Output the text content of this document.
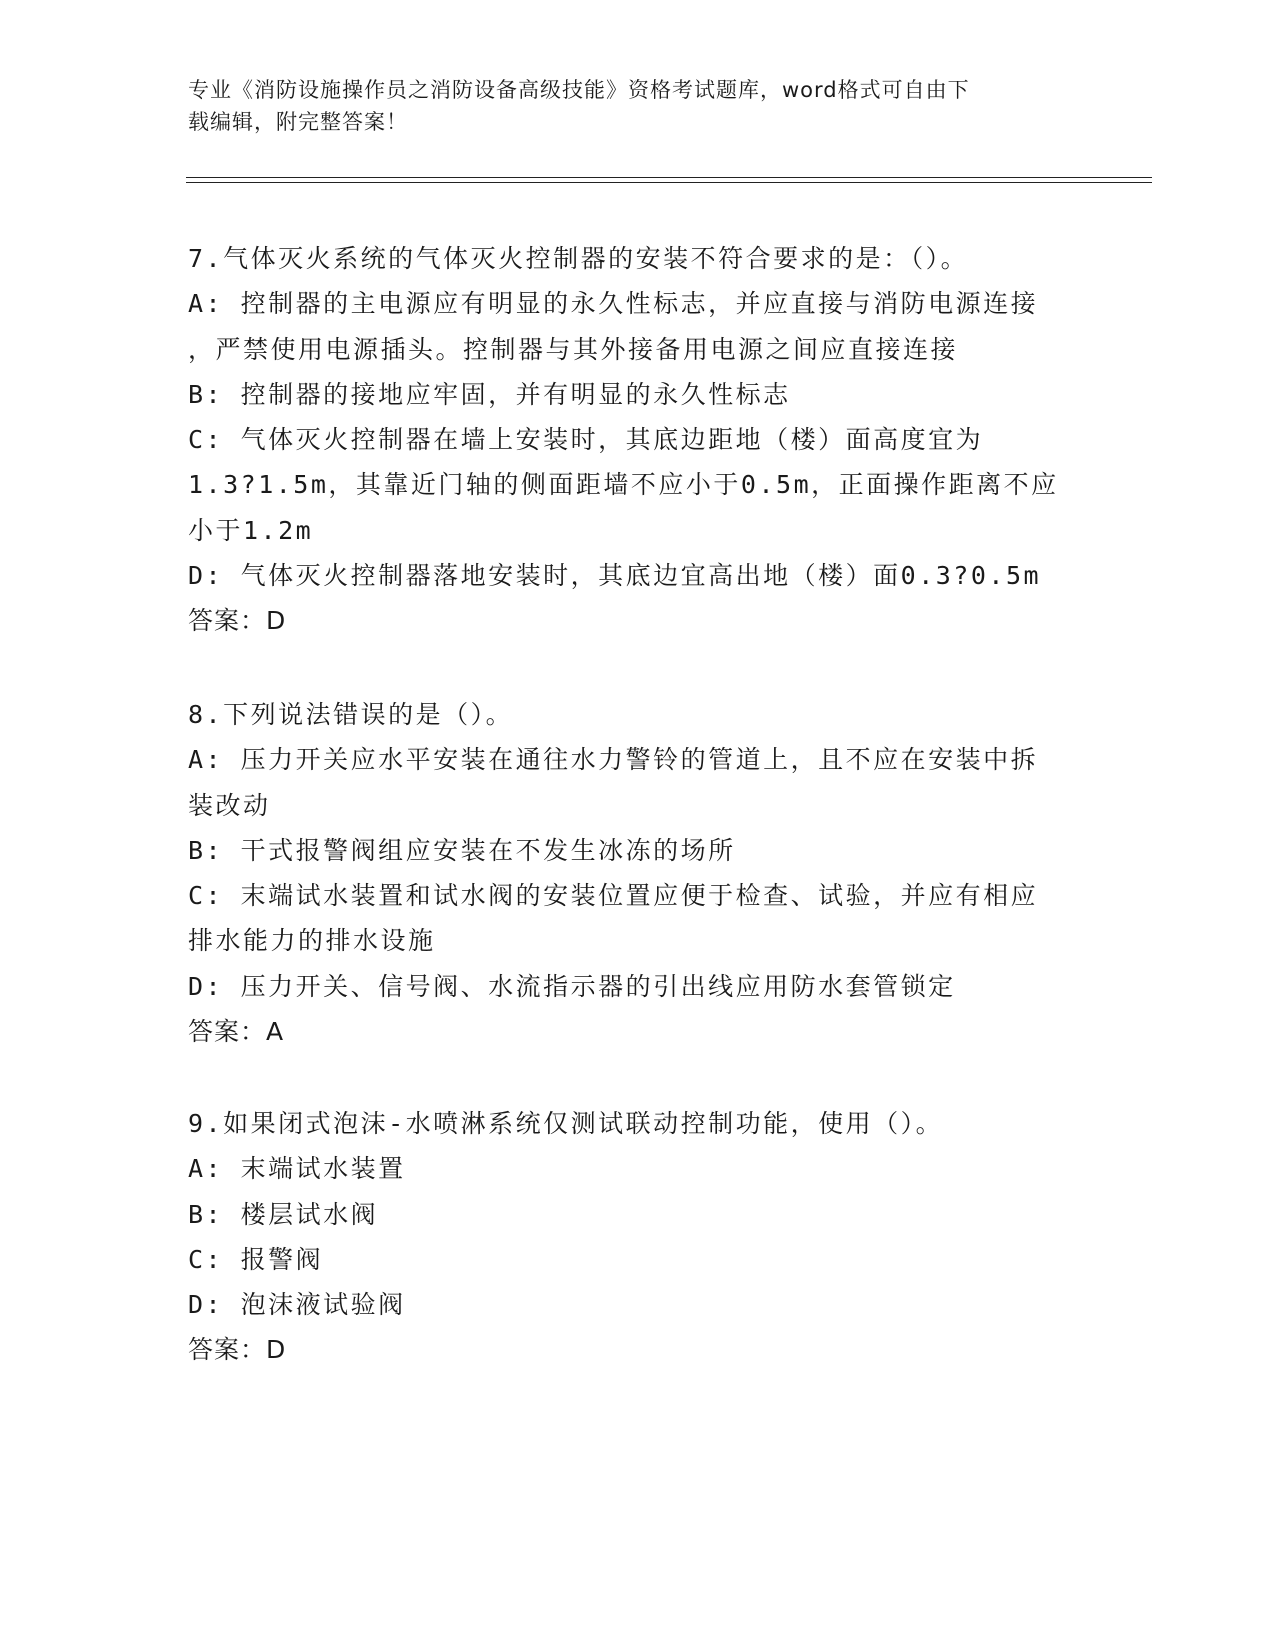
专业《消防设施操作员之消防设备高级技能》资格考试题库，word格式可自由下
载编辑，附完整答案！
7.气体灭火系统的气体灭火控制器的安装不符合要求的是：（）。
A: 控制器的主电源应有明显的永久性标志，并应直接与消防电源连接
，严禁使用电源插头。控制器与其外接备用电源之间应直接连接
B: 控制器的接地应牢固，并有明显的永久性标志
C: 气体灭火控制器在墙上安装时，其底边距地（楼）面高度宜为
1.3?1.5m，其靠近门轴的侧面距墙不应小于0.5m，正面操作距离不应
小于1.2m
D: 气体灭火控制器落地安装时，其底边宜高出地（楼）面0.3?0.5m
答案：D
8.下列说法错误的是（）。
A: 压力开关应水平安装在通往水力警铃的管道上，且不应在安装中拆
装改动
B: 干式报警阀组应安装在不发生冰冻的场所
C: 末端试水装置和试水阀的安装位置应便于检查、试验，并应有相应
排水能力的排水设施
D: 压力开关、信号阀、水流指示器的引出线应用防水套管锁定
答案：A
9.如果闭式泡沫-水喷淋系统仅测试联动控制功能，使用（）。
A: 末端试水装置
B: 楼层试水阀
C: 报警阀
D: 泡沫液试验阀
答案：D
